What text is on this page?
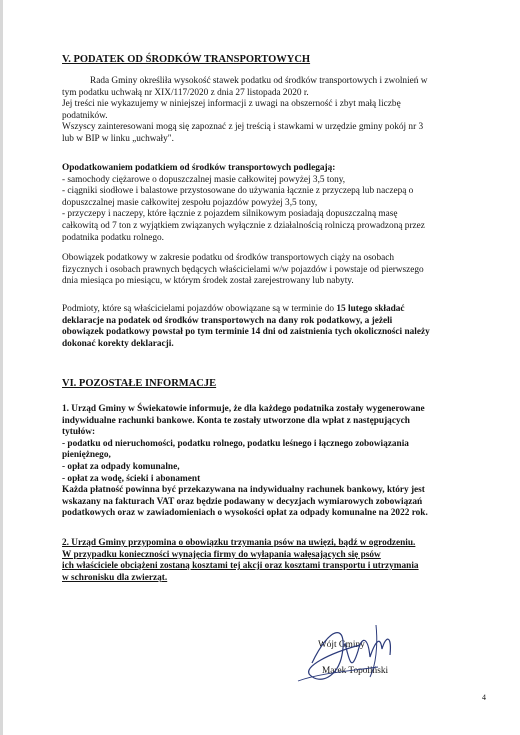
V. PODATEK OD ŚRODKÓW TRANSPORTOWYCH
Rada Gminy określiła wysokość stawek podatku od środków transportowych i zwolnień w
tym podatku uchwałą nr XIX/117/2020 z dnia 27 listopada 2020 r.
Jej treści nie wykazujemy w niniejszej informacji z uwagi na obszerność i zbyt małą liczbę
podatników.
Wszyscy zainteresowani mogą się zapoznać z jej treścią i stawkami w urzędzie gminy pokój nr 3
lub w BIP w linku „uchwały".
Opodatkowaniem podatkiem od środków transportowych podlegają:
- samochody ciężarowe o dopuszczalnej masie całkowitej powyżej 3,5 tony,
- ciągniki siodłowe i balastowe przystosowane do używania łącznie z przyczepą lub naczepą o
dopuszczalnej masie całkowitej zespołu pojazdów powyżej 3,5 tony,
- przyczepy i naczepy, które łącznie z pojazdem silnikowym posiadają dopuszczalną masę
całkowitą od 7 ton z wyjątkiem związanych wyłącznie z działalnością rolniczą prowadzoną przez
podatnika podatku rolnego.
Obowiązek podatkowy w zakresie podatku od środków transportowych ciąży na osobach
fizycznych i osobach prawnych będących właścicielami w/w pojazdów i powstaje od pierwszego
dnia miesiąca po miesiącu, w którym środek został zarejestrowany lub nabyty.
Podmioty, które są właścicielami pojazdów obowiązane są w terminie do 15 lutego składać
deklaracje na podatek od środków transportowych na dany rok podatkowy, a jeżeli
obowiązek podatkowy powstał po tym terminie 14 dni od zaistnienia tych okoliczności należy
dokonać korekty deklaracji.
VI. POZOSTAŁE INFORMACJE
1. Urząd Gminy w Świekatowie informuje, że dla każdego podatnika zostały wygenerowane
indywidualne rachunki bankowe. Konta te zostały utworzone dla wpłat z następujących
tytułów:
- podatku od nieruchomości, podatku rolnego, podatku leśnego i łącznego zobowiązania
pieniężnego,
- opłat za odpady komunalne,
- opłat za wodę, ścieki i abonament
Każda płatność powinna być przekazywana na indywidualny rachunek bankowy, który jest
wskazany na fakturach VAT oraz będzie podawany w decyzjach wymiarowych zobowiązań
podatkowych oraz w zawiadomieniach o wysokości opłat za odpady komunalne na 2022 rok.
2. Urząd Gminy przypomina o obowiązku trzymania psów na uwięzi, bądź w ogrodzeniu.
W przypadku konieczności wynajęcia firmy do wyłapania wałęsających się psów
ich właściciele obciążeni zostaną kosztami tej akcji oraz kosztami transportu i utrzymania
w schronisku dla zwierząt.
Wójt Gminy
Marek Topoliński
4
